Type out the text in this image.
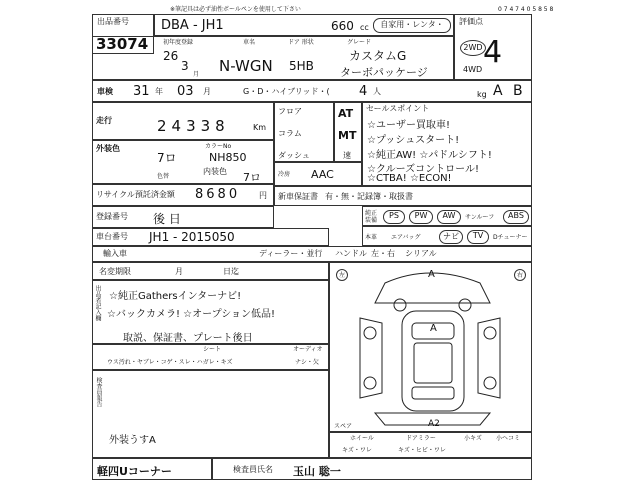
※筆記具は必ず油性ボールペンを使用して下さい	0 7 4 7 4 0 5 8 5 8
出品番号
33074
DBA - JH1	660 cc	自家用・レンタ・	評価点
4
初年度登録
26
3
月
車名
N-WGN
ドア 形状
5HB
グレード
カスタムG
ターボパッケージ
2WD
4WD
車検 31 年 03 月	G・D・ハイブリッド・( 4 人	kg A B
走行	24338	Km
外装色
7ロ
色替
カラーNo
NH850
内装色 7ロ
リサイクル預託済金額 8680 円
登録番号 後 日
車台番号 JH1 - 2015050
輸入車	ディーラー・並行 ハンドル 左・右 シリアル
名変期限	月	日迄
出品者記入欄 ☆純正Gathersインターナビ!
☆バックカメラ! ☆オープション低品!
取説、保証書、プレート後日
シート	オーディオ
ウス汚れ・ヤブレ・コゲ・スレ・ハガレ・キズ	ナシ・欠
検査員報告
外装うすA
フロア
コラム
ダッシュ
AT
MT
速
冷房 AAC
新車保証書 有・無・記録簿・取扱書
セールスポイント
☆ユーザー買取車!
☆プッシュスタート!
☆純正AW! ☆パドルシフト!
☆クルーズコントロール!
☆CTBA! ☆ECON!
純正装備
PS	PW	AW	サンルーフ	ABS
本革 エアバッグ	ナビ	TV	Dチューナー
左	右
A
A
A2
スペア
ホイール
キズ・ワレ
ドアミラー
キズ・ヒビ・ワレ
小キズ 小ヘコミ
軽四Uコーナー	検査員氏名 玉山 聡一
